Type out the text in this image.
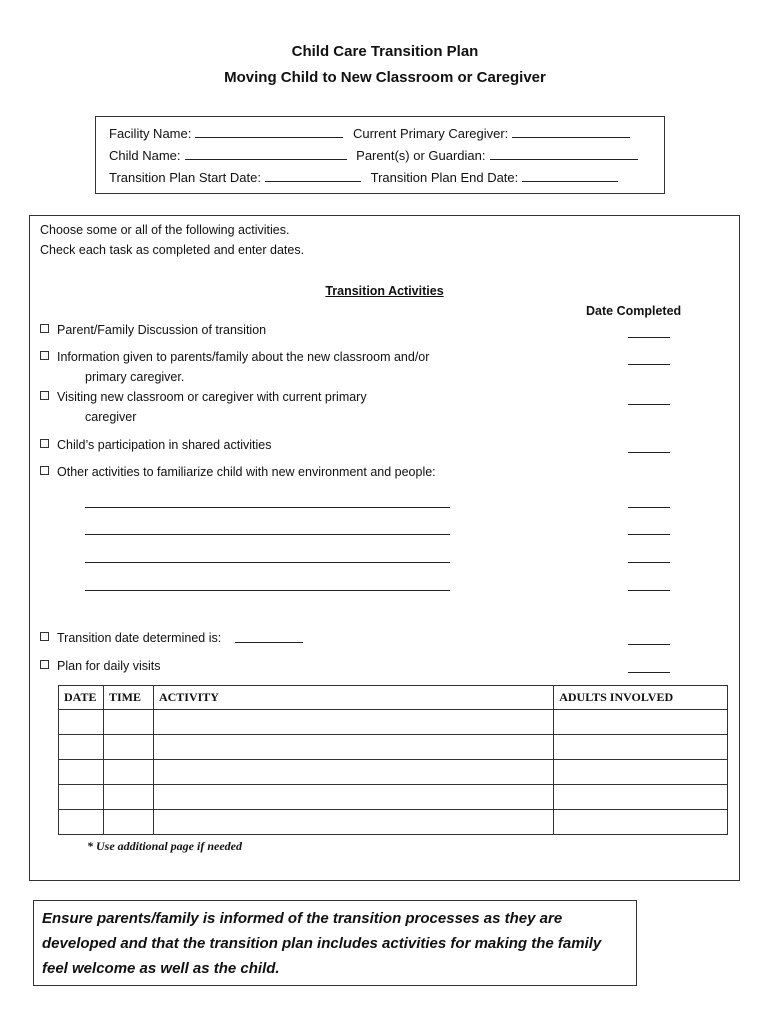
Child Care Transition Plan
Moving Child to New Classroom or Caregiver
Facility Name:	Current Primary Caregiver:
Child Name:	Parent(s) or Guardian:
Transition Plan Start Date:	Transition Plan End Date:
Choose some or all of the following activities.
Check each task as completed and enter dates.
Transition Activities
Date Completed
Parent/Family Discussion of transition
Information given to parents/family about the new classroom and/or
primary caregiver.
Visiting new classroom or caregiver with current primary
caregiver
Child’s participation in shared activities
Other activities to familiarize child with new environment and people:
Transition date determined is:
Plan for daily visits
DATE	TIME	ACTIVITY	ADULTS INVOLVED

* Use additional page if needed
Ensure parents/family is informed of the transition processes as they are developed and that the transition plan includes activities for making the family feel welcome as well as the child.
